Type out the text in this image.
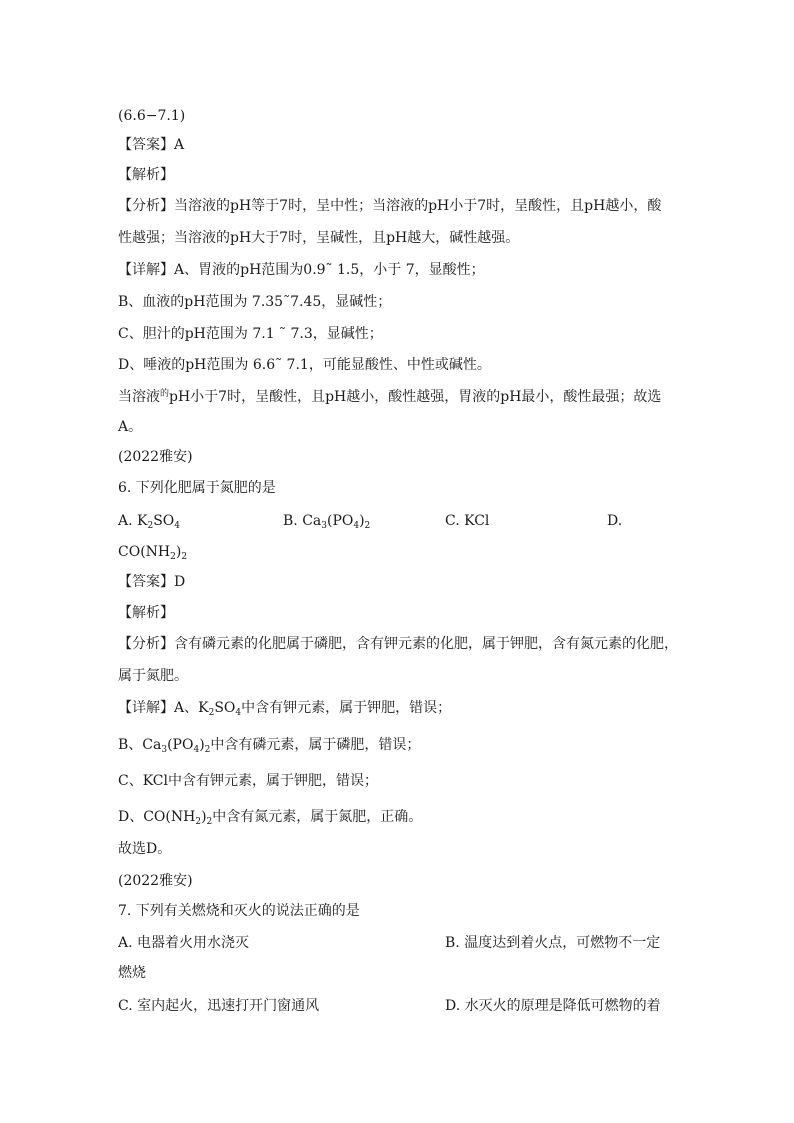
(6.6−7.1)
【答案】A
【解析】
【分析】当溶液的pH等于7时，呈中性；当溶液的pH小于7时，呈酸性，且pH越小，酸
性越强；当溶液的pH大于7时，呈碱性，且pH越大，碱性越强。
【详解】A、胃液的pH范围为0.9˜ 1.5，小于 7，显酸性；
B、血液的pH范围为 7.35˜7.45，显碱性；
C、胆汁的pH范围为 7.1 ˜ 7.3，显碱性；
D、唾液的pH范围为 6.6˜ 7.1，可能显酸性、中性或碱性。
当溶液$^的$pH小于7时，呈酸性，且pH越小，酸性越强，胃液的pH最小，酸性最强；故选
A。
(2022雅安)
6. 下列化肥属于氮肥的是
A. $K_2SO_4$	B. $Ca_3(PO_4)_2$	C. KCl	D.
$CO(NH_2)_2$
【答案】D
【解析】
【分析】含有磷元素的化肥属于磷肥，含有钾元素的化肥，属于钾肥，含有氮元素的化肥，
属于氮肥。
【详解】A、$K_2SO_4$中含有钾元素，属于钾肥，错误；
B、$Ca_3(PO_4)_2$中含有磷元素，属于磷肥，错误；
C、KCl中含有钾元素，属于钾肥，错误；
D、$CO(NH_2)_2$中含有氮元素，属于氮肥，正确。
故选D。
(2022雅安)
7. 下列有关燃烧和灭火的说法正确的是
A. 电器着火用水浇灭	B. 温度达到着火点，可燃物不一定
燃烧
C. 室内起火，迅速打开门窗通风	D. 水灭火的原理是降低可燃物的着
